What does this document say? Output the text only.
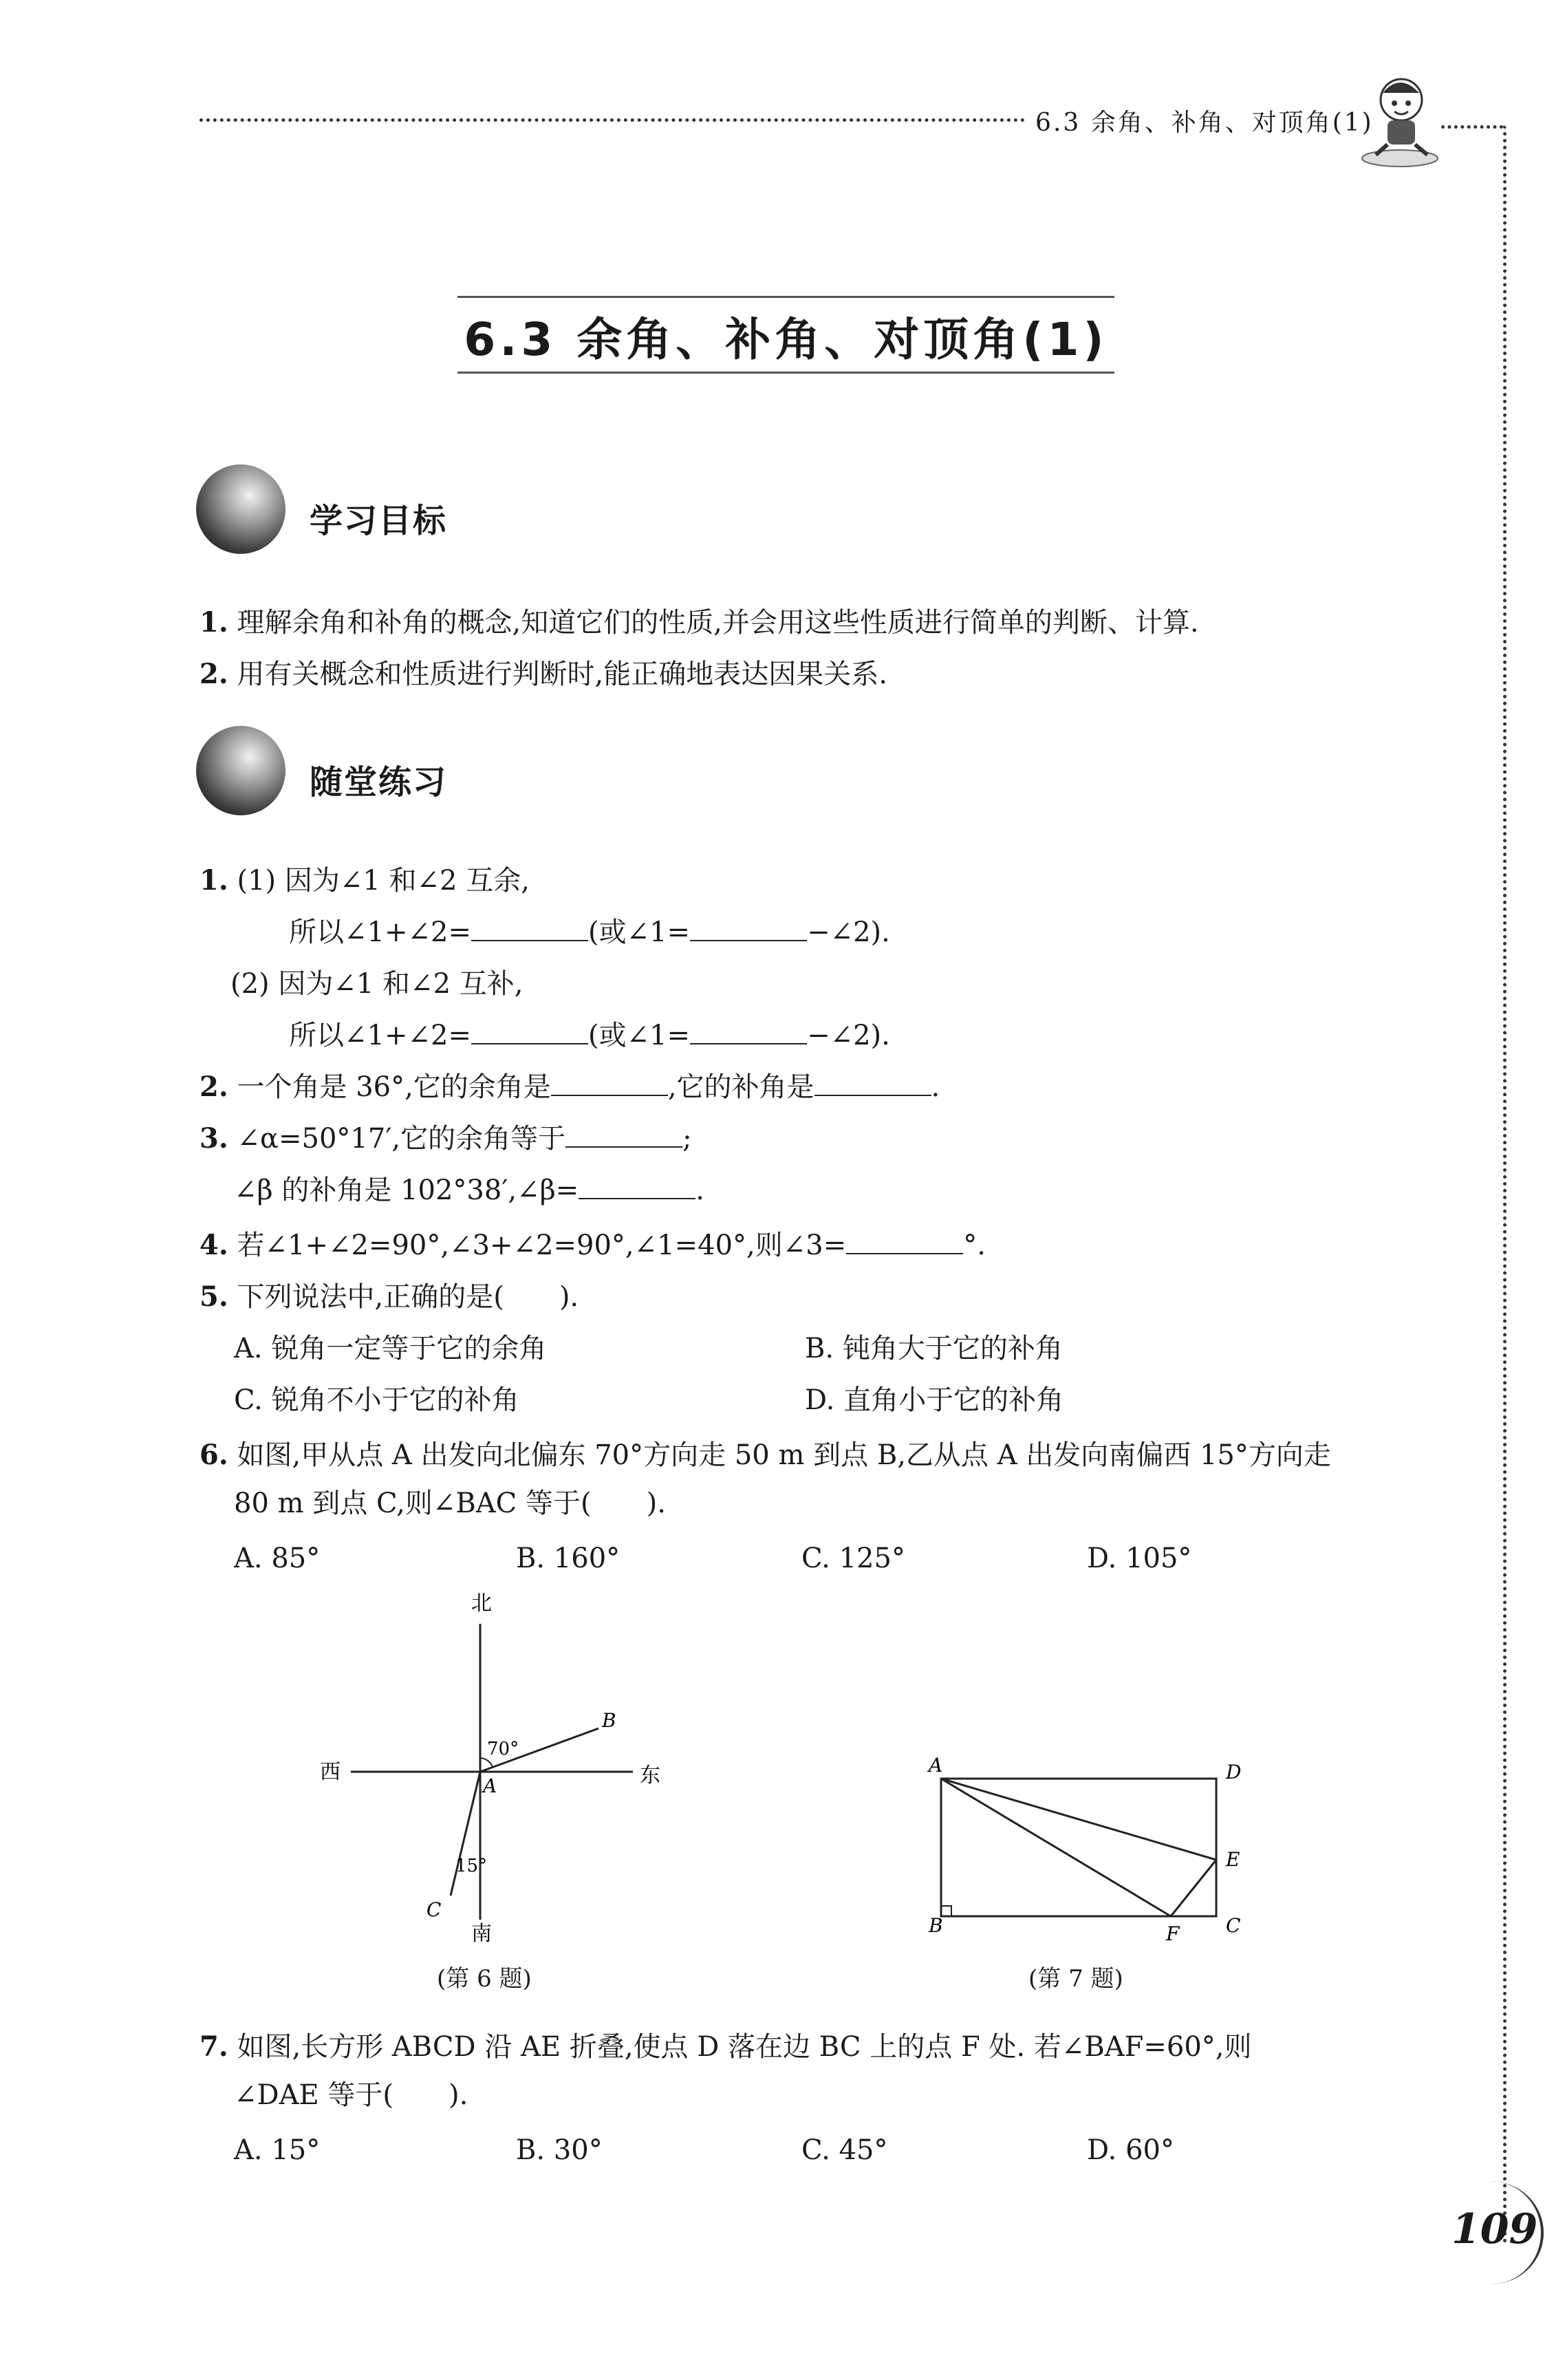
6.3 余角、补角、对顶角(1)
6.3 余角、补角、对顶角(1)
学习目标
1. 理解余角和补角的概念,知道它们的性质,并会用这些性质进行简单的判断、计算.
2. 用有关概念和性质进行判断时,能正确地表达因果关系.
随堂练习
1. (1) 因为∠1 和∠2 互余,
所以∠1+∠2=	(或∠1=	−∠2).
(2) 因为∠1 和∠2 互补,
所以∠1+∠2=	(或∠1=	−∠2).
2. 一个角是 36°,它的余角是	,它的补角是	.
3. ∠α=50°17′,它的余角等于	;
∠β 的补角是 102°38′,∠β=	.
4. 若∠1+∠2=90°,∠3+∠2=90°,∠1=40°,则∠3=	°.
5. 下列说法中,正确的是( ).
A. 锐角一定等于它的余角	B. 钝角大于它的补角
C. 锐角不小于它的补角	D. 直角小于它的补角
6. 如图,甲从点 A 出发向北偏东 70°方向走 50 m 到点 B,乙从点 A 出发向南偏西 15°方向走
80 m 到点 C,则∠BAC 等于( ).
A. 85°	B. 160°	C. 125°	D. 105°
北
南
西	东
A
B
C
70°
15°
(第 6 题)
A
B	C
D
E
F
(第 7 题)
7. 如图,长方形 ABCD 沿 AE 折叠,使点 D 落在边 BC 上的点 F 处. 若∠BAF=60°,则
∠DAE 等于( ).
A. 15°	B. 30°	C. 45°	D. 60°
109
